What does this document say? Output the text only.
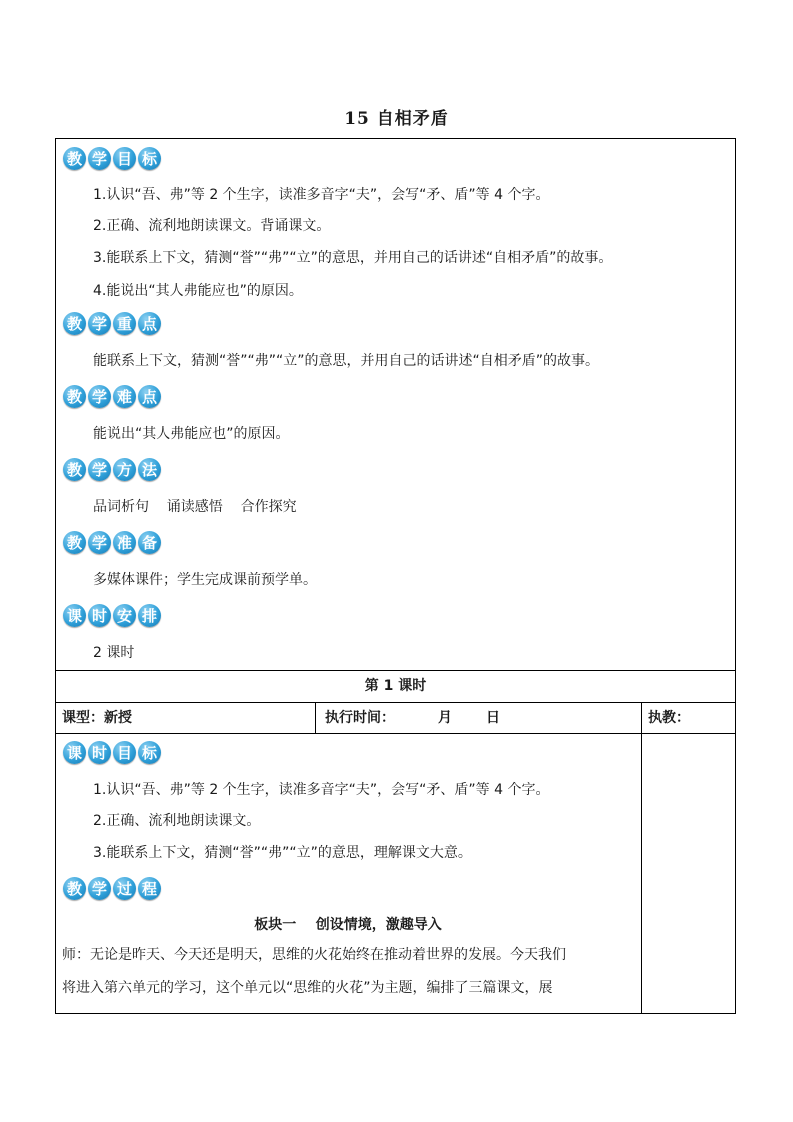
15 自相矛盾
教 学 目 标
1.认识“吾、弗”等 2 个生字，读准多音字“夫”，会写“矛、盾”等 4 个字。
2.正确、流利地朗读课文。背诵课文。
3.能联系上下文，猜测“誉”“弗”“立”的意思，并用自己的话讲述“自相矛盾”的故事。
4.能说出“其人弗能应也”的原因。
教 学 重 点
能联系上下文，猜测“誉”“弗”“立”的意思，并用自己的话讲述“自相矛盾”的故事。
教 学 难 点
能说出“其人弗能应也”的原因。
教 学 方 法
品词析句    诵读感悟    合作探究
教 学 准 备
多媒体课件；学生完成课前预学单。
课 时 安 排
2 课时
第 1 课时
课型：新授	执行时间：	月 日	执教：
课 时 目 标
1.认识“吾、弗”等 2 个生字，读准多音字“夫”，会写“矛、盾”等 4 个字。
2.正确、流利地朗读课文。
3.能联系上下文，猜测“誉”“弗”“立”的意思，理解课文大意。
教 学 过 程
板块一    创设情境，激趣导入
师：无论是昨天、今天还是明天，思维的火花始终在推动着世界的发展。今天我们
将进入第六单元的学习，这个单元以“思维的火花”为主题，编排了三篇课文，展
